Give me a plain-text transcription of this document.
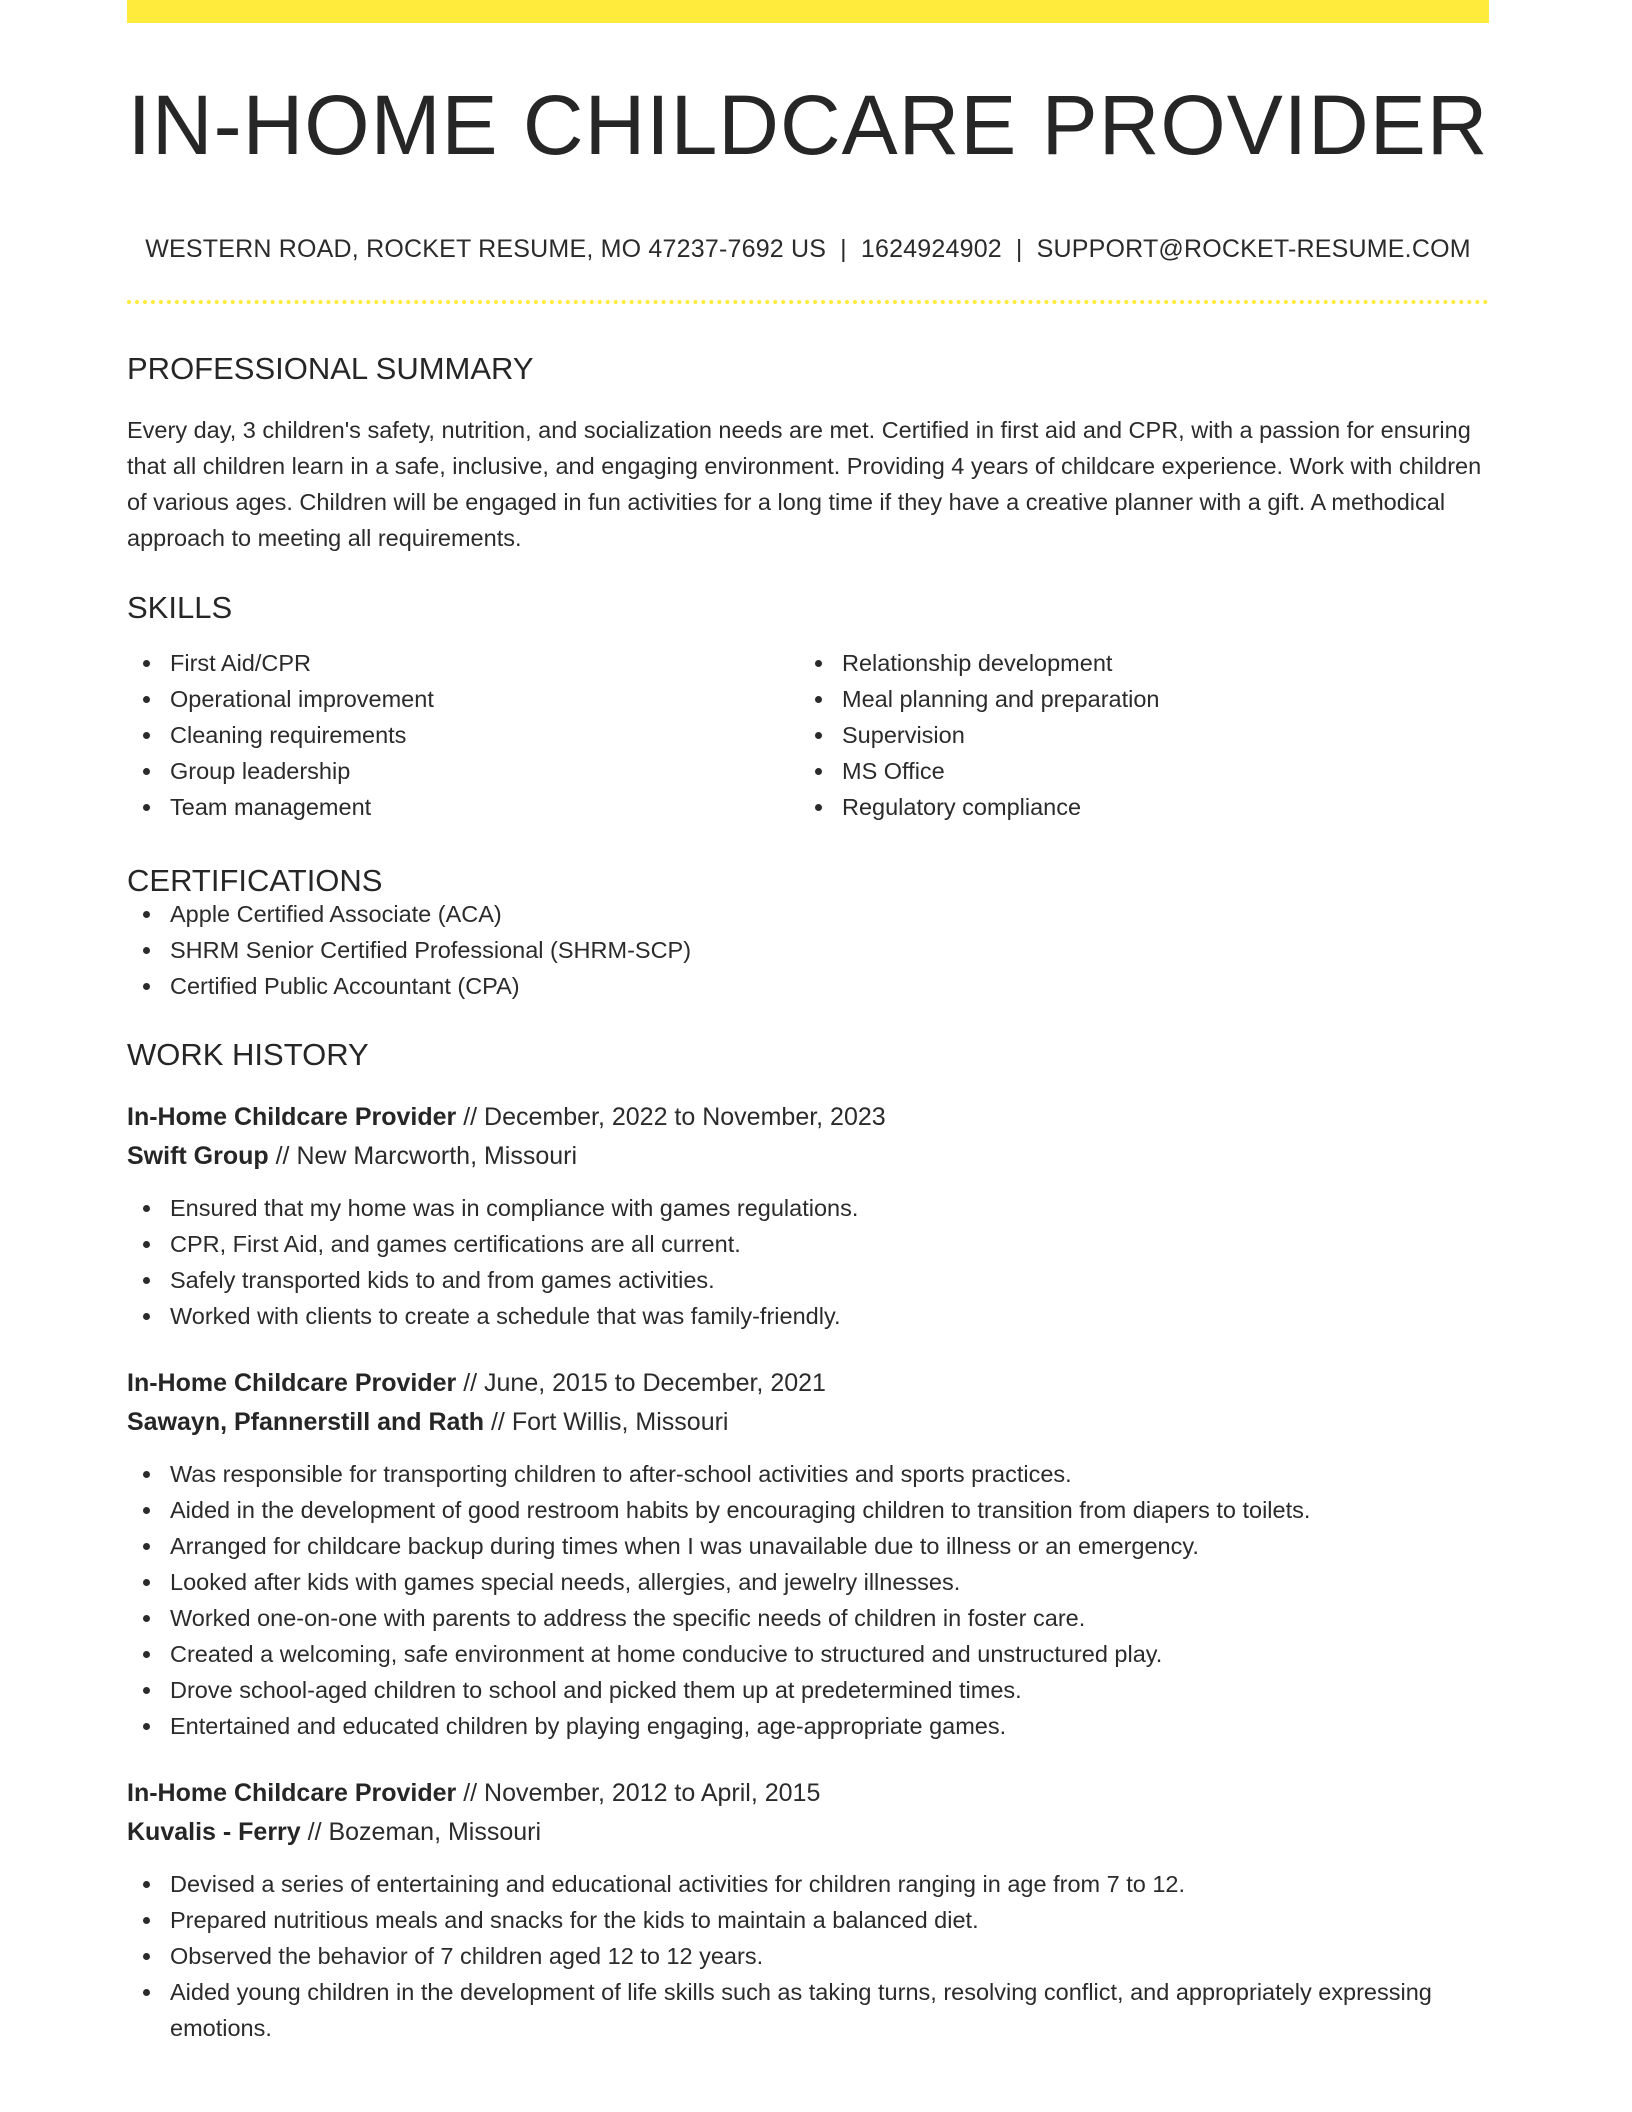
IN-HOME CHILDCARE PROVIDER
WESTERN ROAD, ROCKET RESUME, MO 47237-7692 US | 1624924902 | SUPPORT@ROCKET-RESUME.COM
PROFESSIONAL SUMMARY

Every day, 3 children's safety, nutrition, and socialization needs are met. Certified in first aid and CPR, with a passion for ensuring that all children learn in a safe, inclusive, and engaging environment. Providing 4 years of childcare experience. Work with children of various ages. Children will be engaged in fun activities for a long time if they have a creative planner with a gift. A methodical approach to meeting all requirements.

SKILLS
First Aid/CPR
Operational improvement
Cleaning requirements
Group leadership
Team management
Relationship development
Meal planning and preparation
Supervision
MS Office
Regulatory compliance
CERTIFICATIONS
Apple Certified Associate (ACA)
SHRM Senior Certified Professional (SHRM-SCP)
Certified Public Accountant (CPA)
WORK HISTORY
In-Home Childcare Provider // December, 2022 to November, 2023
Swift Group // New Marcworth, Missouri
Ensured that my home was in compliance with games regulations.
CPR, First Aid, and games certifications are all current.
Safely transported kids to and from games activities.
Worked with clients to create a schedule that was family-friendly.
In-Home Childcare Provider // June, 2015 to December, 2021
Sawayn, Pfannerstill and Rath // Fort Willis, Missouri
Was responsible for transporting children to after-school activities and sports practices.
Aided in the development of good restroom habits by encouraging children to transition from diapers to toilets.
Arranged for childcare backup during times when I was unavailable due to illness or an emergency.
Looked after kids with games special needs, allergies, and jewelry illnesses.
Worked one-on-one with parents to address the specific needs of children in foster care.
Created a welcoming, safe environment at home conducive to structured and unstructured play.
Drove school-aged children to school and picked them up at predetermined times.
Entertained and educated children by playing engaging, age-appropriate games.
In-Home Childcare Provider // November, 2012 to April, 2015
Kuvalis - Ferry // Bozeman, Missouri
Devised a series of entertaining and educational activities for children ranging in age from 7 to 12.
Prepared nutritious meals and snacks for the kids to maintain a balanced diet.
Observed the behavior of 7 children aged 12 to 12 years.
Aided young children in the development of life skills such as taking turns, resolving conflict, and appropriately expressing emotions.
